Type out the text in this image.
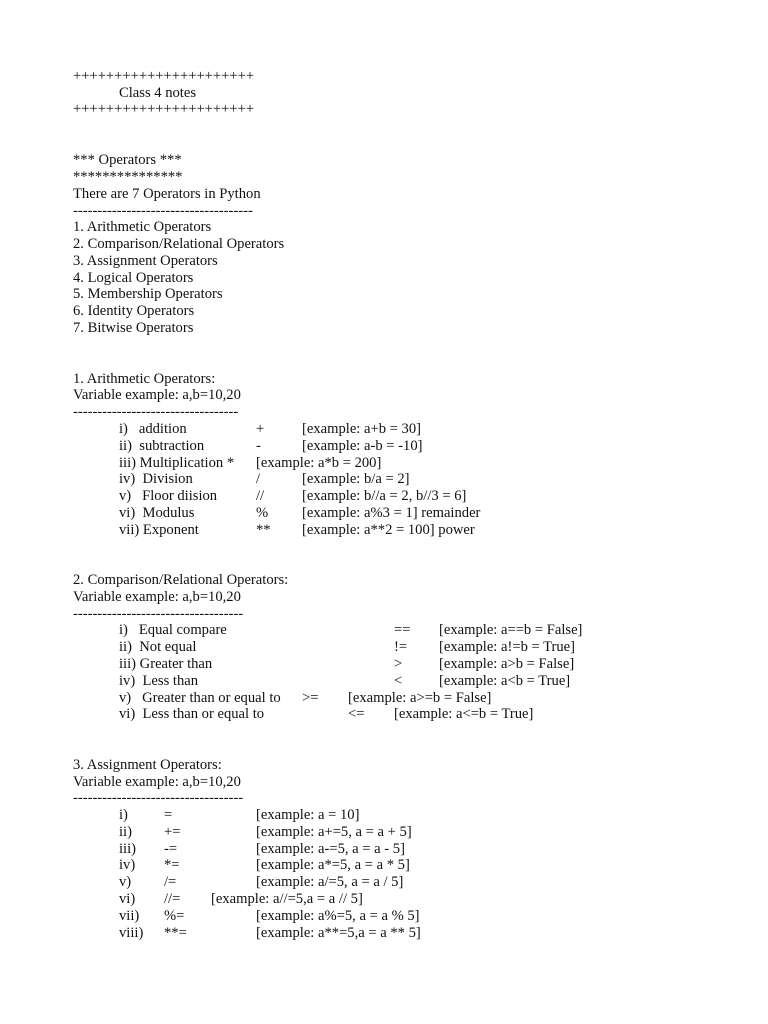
++++++++++++++++++++++
Class 4 notes
++++++++++++++++++++++
*** Operators ***
***************
There are 7 Operators in Python
-------------------------------------
1. Arithmetic Operators
2. Comparison/Relational Operators
3. Assignment Operators
4. Logical Operators
5. Membership Operators
6. Identity Operators
7. Bitwise Operators
1. Arithmetic Operators:
Variable example: a,b=10,20
----------------------------------
i)   addition	+	[example: a+b = 30]
ii)  subtraction	-	[example: a-b = -10]
iii) Multiplication * [example: a*b = 200]
iv)  Division	/	[example: b/a = 2]
v)   Floor diision	//	[example: b//a = 2, b//3 = 6]
vi)  Modulus	% [example: a%3 = 1] remainder
vii) Exponent	** [example: a**2 = 100] power
2. Comparison/Relational Operators:
Variable example: a,b=10,20
-----------------------------------
i)   Equal compare	== [example: a==b = False]
ii)  Not equal	!= [example: a!=b = True]
iii) Greater than	>	[example: a>b = False]
iv)  Less than	<	[example: a<b = True]
v)   Greater than or equal to >= [example: a>=b = False]
vi)  Less than or equal to	<= [example: a<=b = True]
3. Assignment Operators:
Variable example: a,b=10,20
-----------------------------------
i) =	[example: a = 10]
ii) +=	[example: a+=5, a = a + 5]
iii) -=	[example: a-=5, a = a - 5]
iv) *=	[example: a*=5, a = a * 5]
v) /=	[example: a/=5, a = a / 5]
vi) //= [example: a//=5,a = a // 5]
vii) %=	[example: a%=5, a = a % 5]
viii) **=	[example: a**=5,a = a ** 5]
